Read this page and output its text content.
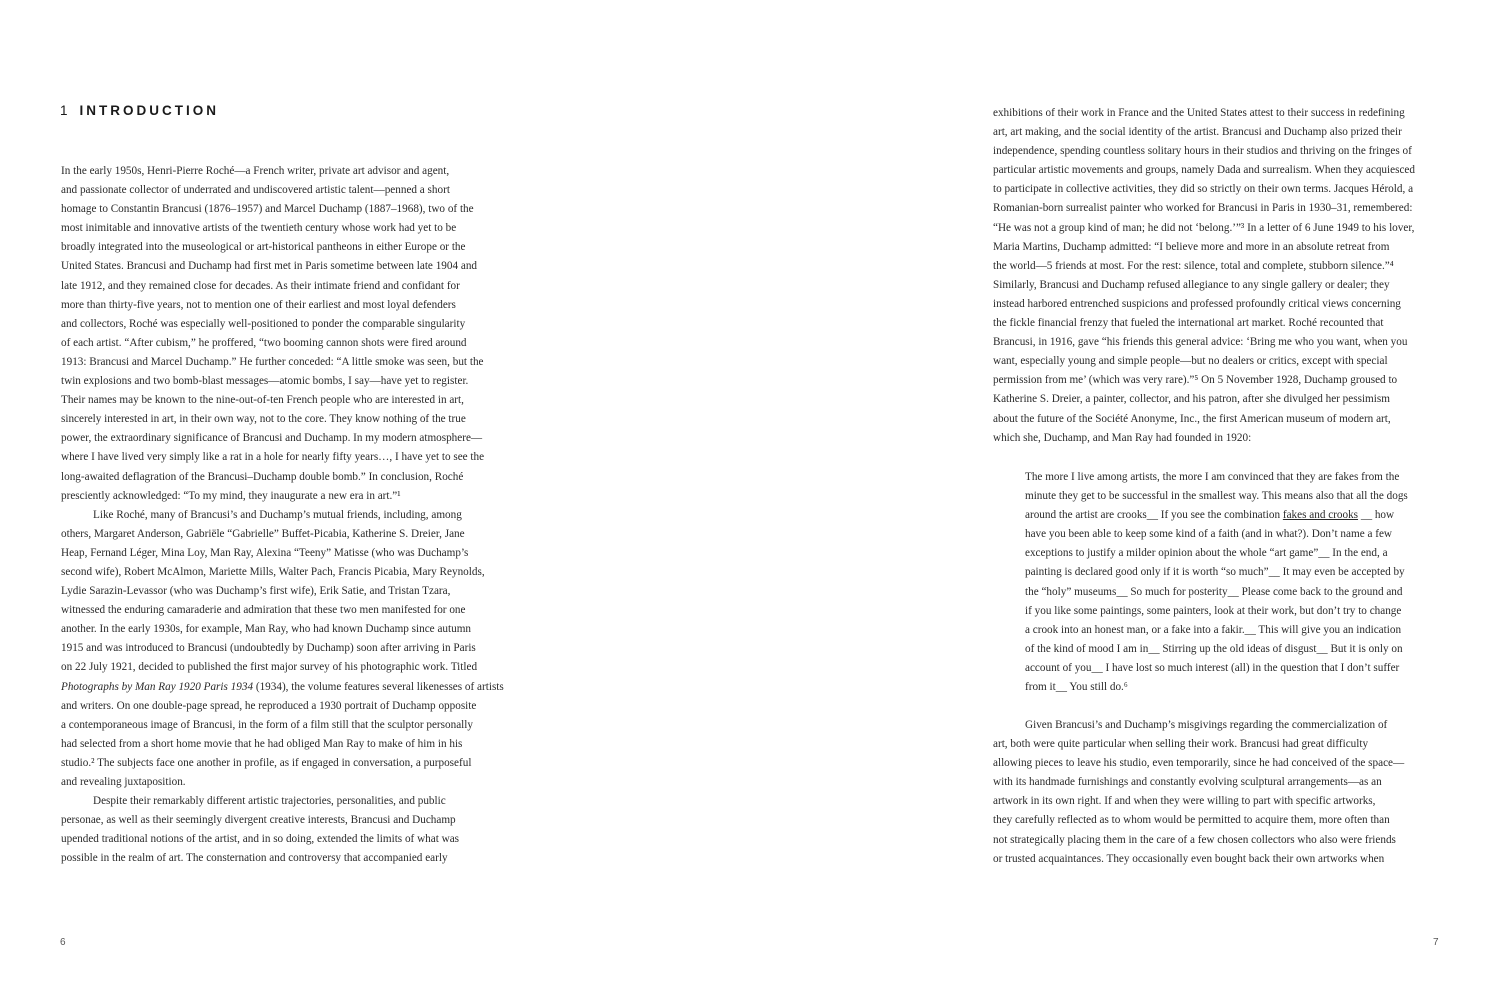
1 INTRODUCTION
In the early 1950s, Henri-Pierre Roché—a French writer, private art advisor and agent,
and passionate collector of underrated and undiscovered artistic talent—penned a short
homage to Constantin Brancusi (1876–1957) and Marcel Duchamp (1887–1968), two of the
most inimitable and innovative artists of the twentieth century whose work had yet to be
broadly integrated into the museological or art-historical pantheons in either Europe or the
United States. Brancusi and Duchamp had first met in Paris sometime between late 1904 and
late 1912, and they remained close for decades. As their intimate friend and confidant for
more than thirty-five years, not to mention one of their earliest and most loyal defenders
and collectors, Roché was especially well-positioned to ponder the comparable singularity
of each artist. “After cubism,” he proffered, “two booming cannon shots were fired around
1913: Brancusi and Marcel Duchamp.” He further conceded: “A little smoke was seen, but the
twin explosions and two bomb-blast messages—atomic bombs, I say—have yet to register.
Their names may be known to the nine-out-of-ten French people who are interested in art,
sincerely interested in art, in their own way, not to the core. They know nothing of the true
power, the extraordinary significance of Brancusi and Duchamp. In my modern atmosphere—
where I have lived very simply like a rat in a hole for nearly fifty years…, I have yet to see the
long-awaited deflagration of the Brancusi–Duchamp double bomb.” In conclusion, Roché
presciently acknowledged: “To my mind, they inaugurate a new era in art.”¹
Like Roché, many of Brancusi’s and Duchamp’s mutual friends, including, among
others, Margaret Anderson, Gabriële “Gabrielle” Buffet-Picabia, Katherine S. Dreier, Jane
Heap, Fernand Léger, Mina Loy, Man Ray, Alexina “Teeny” Matisse (who was Duchamp’s
second wife), Robert McAlmon, Mariette Mills, Walter Pach, Francis Picabia, Mary Reynolds,
Lydie Sarazin-Levassor (who was Duchamp’s first wife), Erik Satie, and Tristan Tzara,
witnessed the enduring camaraderie and admiration that these two men manifested for one
another. In the early 1930s, for example, Man Ray, who had known Duchamp since autumn
1915 and was introduced to Brancusi (undoubtedly by Duchamp) soon after arriving in Paris
on 22 July 1921, decided to published the first major survey of his photographic work. Titled
Photographs by Man Ray 1920 Paris 1934 (1934), the volume features several likenesses of artists
and writers. On one double-page spread, he reproduced a 1930 portrait of Duchamp opposite
a contemporaneous image of Brancusi, in the form of a film still that the sculptor personally
had selected from a short home movie that he had obliged Man Ray to make of him in his
studio.² The subjects face one another in profile, as if engaged in conversation, a purposeful
and revealing juxtaposition.
Despite their remarkably different artistic trajectories, personalities, and public
personae, as well as their seemingly divergent creative interests, Brancusi and Duchamp
upended traditional notions of the artist, and in so doing, extended the limits of what was
possible in the realm of art. The consternation and controversy that accompanied early
exhibitions of their work in France and the United States attest to their success in redefining
art, art making, and the social identity of the artist. Brancusi and Duchamp also prized their
independence, spending countless solitary hours in their studios and thriving on the fringes of
particular artistic movements and groups, namely Dada and surrealism. When they acquiesced
to participate in collective activities, they did so strictly on their own terms. Jacques Hérold, a
Romanian-born surrealist painter who worked for Brancusi in Paris in 1930–31, remembered:
“He was not a group kind of man; he did not ‘belong.’”³ In a letter of 6 June 1949 to his lover,
Maria Martins, Duchamp admitted: “I believe more and more in an absolute retreat from
the world—5 friends at most. For the rest: silence, total and complete, stubborn silence.”⁴
Similarly, Brancusi and Duchamp refused allegiance to any single gallery or dealer; they
instead harbored entrenched suspicions and professed profoundly critical views concerning
the fickle financial frenzy that fueled the international art market. Roché recounted that
Brancusi, in 1916, gave “his friends this general advice: ‘Bring me who you want, when you
want, especially young and simple people—but no dealers or critics, except with special
permission from me’ (which was very rare).”⁵ On 5 November 1928, Duchamp groused to
Katherine S. Dreier, a painter, collector, and his patron, after she divulged her pessimism
about the future of the Société Anonyme, Inc., the first American museum of modern art,
which she, Duchamp, and Man Ray had founded in 1920:
The more I live among artists, the more I am convinced that they are fakes from the
minute they get to be successful in the smallest way. This means also that all the dogs
around the artist are crooks__ If you see the combination fakes and crooks __ how
have you been able to keep some kind of a faith (and in what?). Don’t name a few
exceptions to justify a milder opinion about the whole “art game”__ In the end, a
painting is declared good only if it is worth “so much”__ It may even be accepted by
the “holy” museums__ So much for posterity__ Please come back to the ground and
if you like some paintings, some painters, look at their work, but don’t try to change
a crook into an honest man, or a fake into a fakir.__ This will give you an indication
of the kind of mood I am in__ Stirring up the old ideas of disgust__ But it is only on
account of you__ I have lost so much interest (all) in the question that I don’t suffer
from it__ You still do.⁶
Given Brancusi’s and Duchamp’s misgivings regarding the commercialization of
art, both were quite particular when selling their work. Brancusi had great difficulty
allowing pieces to leave his studio, even temporarily, since he had conceived of the space—
with its handmade furnishings and constantly evolving sculptural arrangements—as an
artwork in its own right. If and when they were willing to part with specific artworks,
they carefully reflected as to whom would be permitted to acquire them, more often than
not strategically placing them in the care of a few chosen collectors who also were friends
or trusted acquaintances. They occasionally even bought back their own artworks when
6	7
